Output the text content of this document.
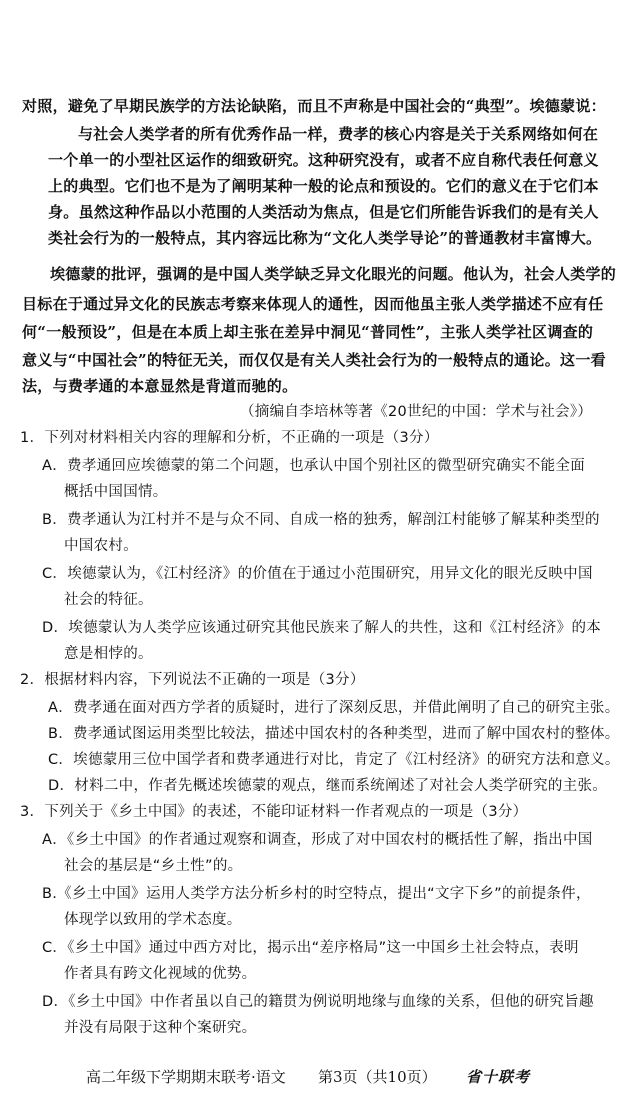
对照，避免了早期民族学的方法论缺陷，而且不声称是中国社会的“典型”。埃德蒙说：
与社会人类学者的所有优秀作品一样，费孝的核心内容是关于关系网络如何在
一个单一的小型社区运作的细致研究。这种研究没有，或者不应自称代表任何意义
上的典型。它们也不是为了阐明某种一般的论点和预设的。它们的意义在于它们本
身。虽然这种作品以小范围的人类活动为焦点，但是它们所能告诉我们的是有关人
类社会行为的一般特点，其内容远比称为“文化人类学导论”的普通教材丰富博大。
埃德蒙的批评，强调的是中国人类学缺乏异文化眼光的问题。他认为，社会人类学的
目标在于通过异文化的民族志考察来体现人的通性，因而他虽主张人类学描述不应有任
何“一般预设”，但是在本质上却主张在差异中洞见“普同性”，主张人类学社区调查的
意义与“中国社会”的特征无关，而仅仅是有关人类社会行为的一般特点的通论。这一看
法，与费孝通的本意显然是背道而驰的。
（摘编自李培林等著《20世纪的中国：学术与社会》）
1．下列对材料相关内容的理解和分析，不正确的一项是（3分）
A．费孝通回应埃德蒙的第二个问题，也承认中国个别社区的微型研究确实不能全面
概括中国国情。
B．费孝通认为江村并不是与众不同、自成一格的独秀，解剖江村能够了解某种类型的
中国农村。
C．埃德蒙认为，《江村经济》的价值在于通过小范围研究，用异文化的眼光反映中国
社会的特征。
D．埃德蒙认为人类学应该通过研究其他民族来了解人的共性，这和《江村经济》的本
意是相悖的。
2．根据材料内容，下列说法不正确的一项是（3分）
A．费孝通在面对西方学者的质疑时，进行了深刻反思，并借此阐明了自己的研究主张。
B．费孝通试图运用类型比较法，描述中国农村的各种类型，进而了解中国农村的整体。
C．埃德蒙用三位中国学者和费孝通进行对比，肯定了《江村经济》的研究方法和意义。
D．材料二中，作者先概述埃德蒙的观点，继而系统阐述了对社会人类学研究的主张。
3．下列关于《乡土中国》的表述，不能印证材料一作者观点的一项是（3分）
A．《乡土中国》的作者通过观察和调查，形成了对中国农村的概括性了解，指出中国
社会的基层是“乡土性”的。
B.《乡土中国》运用人类学方法分析乡村的时空特点，提出“文字下乡”的前提条件，
体现学以致用的学术态度。
C．《乡土中国》通过中西方对比，揭示出“差序格局”这一中国乡土社会特点，表明
作者具有跨文化视域的优势。
D．《乡土中国》中作者虽以自己的籍贯为例说明地缘与血缘的关系，但他的研究旨趣
并没有局限于这种个案研究。
高二年级下学期期末联考·语文 第3页（共10页） 省十联考
